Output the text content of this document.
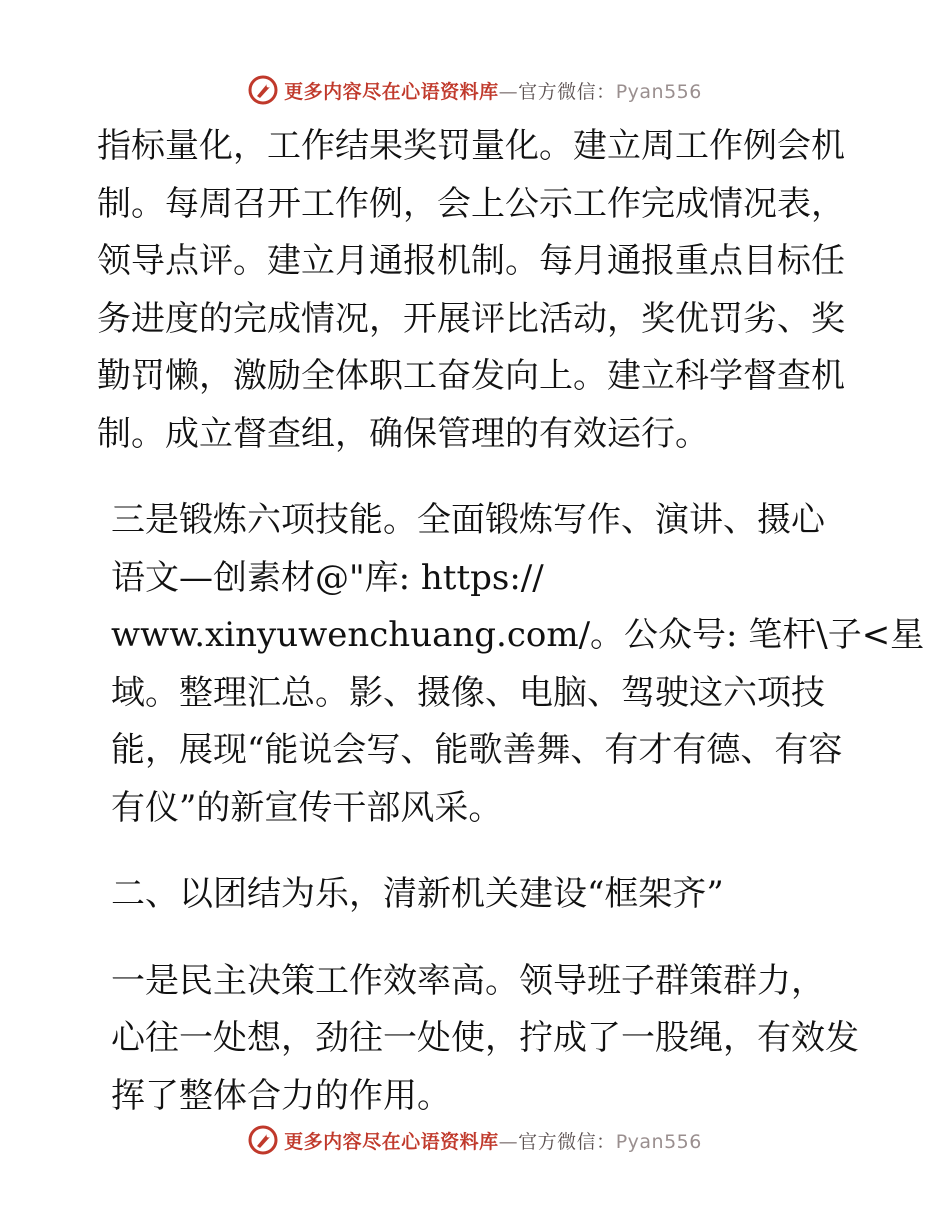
更多内容尽在心语资料库—官方微信：Pyan556
指标量化，工作结果奖罚量化。建立周工作例会机
制。每周召开工作例，会上公示工作完成情况表，
领导点评。建立月通报机制。每月通报重点目标任
务进度的完成情况，开展评比活动，奖优罚劣、奖
勤罚懒，激励全体职工奋发向上。建立科学督查机
制。成立督查组，确保管理的有效运行。
三是锻炼六项技能。全面锻炼写作、演讲、摄心
语文—创素材@"库: https://
www.xinyuwenchuang.com/。公众号: 笔杆\子<星
域。整理汇总。影、摄像、电脑、驾驶这六项技
能，展现“能说会写、能歌善舞、有才有德、有容
有仪”的新宣传干部风采。
二、以团结为乐，清新机关建设“框架齐”
一是民主决策工作效率高。领导班子群策群力，
心往一处想，劲往一处使，拧成了一股绳，有效发
挥了整体合力的作用。
更多内容尽在心语资料库—官方微信：Pyan556
